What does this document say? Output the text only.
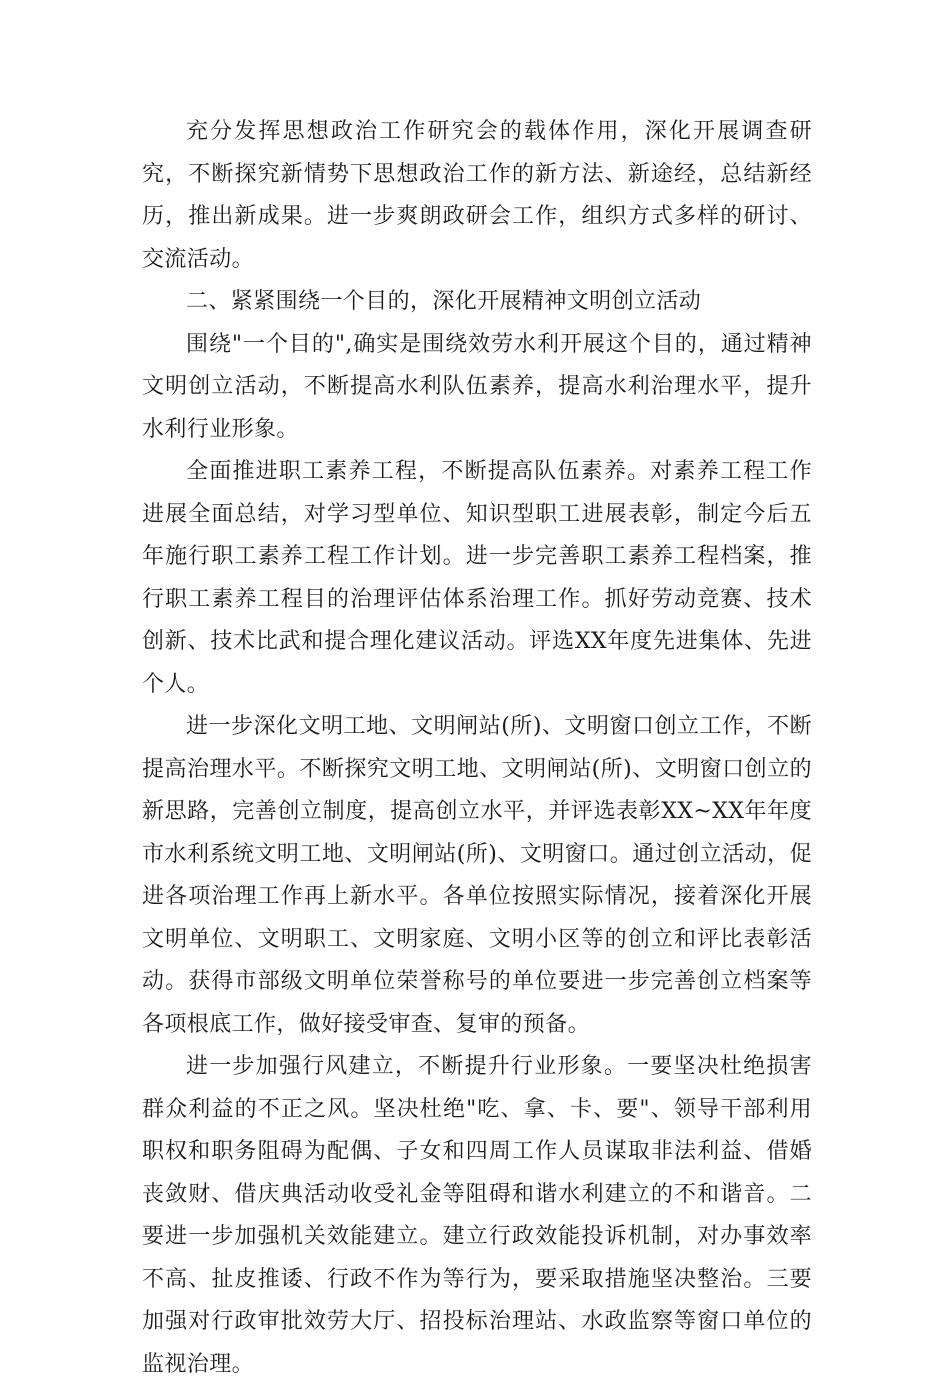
充分发挥思想政治工作研究会的载体作用，深化开展调查研究，不断探究新情势下思想政治工作的新方法、新途经，总结新经历，推出新成果。进一步爽朗政研会工作，组织方式多样的研讨、交流活动。

二、紧紧围绕一个目的，深化开展精神文明创立活动

围绕"一个目的",确实是围绕效劳水利开展这个目的，通过精神文明创立活动，不断提高水利队伍素养，提高水利治理水平，提升水利行业形象。

全面推进职工素养工程，不断提高队伍素养。对素养工程工作进展全面总结，对学习型单位、知识型职工进展表彰，制定今后五年施行职工素养工程工作计划。进一步完善职工素养工程档案，推行职工素养工程目的治理评估体系治理工作。抓好劳动竞赛、技术创新、技术比武和提合理化建议活动。评选XX年度先进集体、先进个人。

进一步深化文明工地、文明闸站(所)、文明窗口创立工作，不断提高治理水平。不断探究文明工地、文明闸站(所)、文明窗口创立的新思路，完善创立制度，提高创立水平，并评选表彰XX~XX年年度市水利系统文明工地、文明闸站(所)、文明窗口。通过创立活动，促进各项治理工作再上新水平。各单位按照实际情况，接着深化开展文明单位、文明职工、文明家庭、文明小区等的创立和评比表彰活动。获得市部级文明单位荣誉称号的单位要进一步完善创立档案等各项根底工作，做好接受审查、复审的预备。

进一步加强行风建立，不断提升行业形象。一要坚决杜绝损害群众利益的不正之风。坚决杜绝"吃、拿、卡、要"、领导干部利用职权和职务阻碍为配偶、子女和四周工作人员谋取非法利益、借婚丧敛财、借庆典活动收受礼金等阻碍和谐水利建立的不和谐音。二要进一步加强机关效能建立。建立行政效能投诉机制，对办事效率不高、扯皮推诿、行政不作为等行为，要采取措施坚决整治。三要加强对行政审批效劳大厅、招投标治理站、水政监察等窗口单位的监视治理。
